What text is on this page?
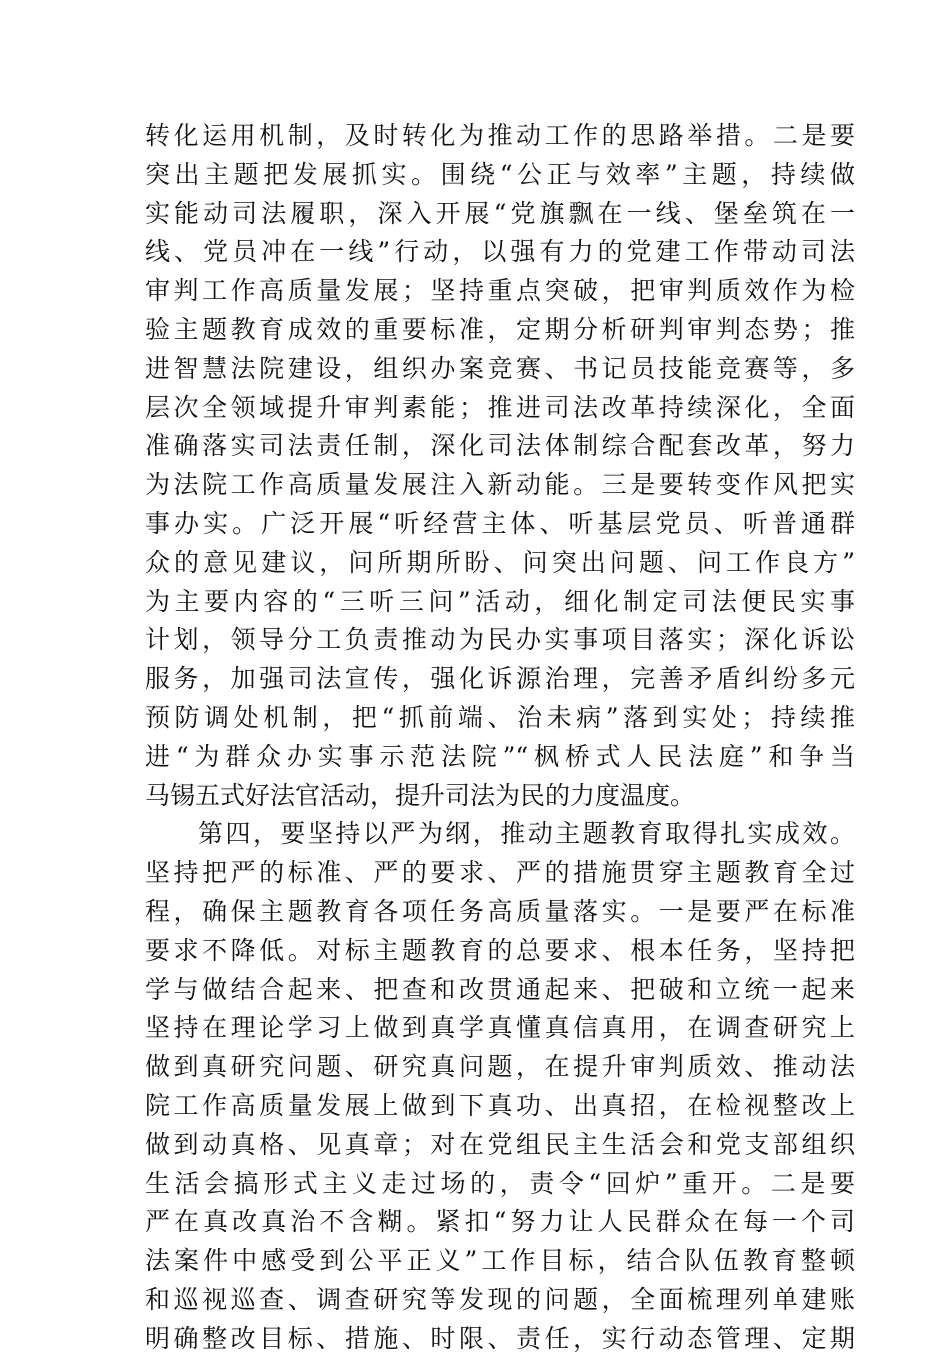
转化运用机制，及时转化为推动工作的思路举措。二是要
突出主题把发展抓实。围绕“公正与效率”主题，持续做
实能动司法履职，深入开展“党旗飘在一线、堡垒筑在一
线、党员冲在一线”行动，以强有力的党建工作带动司法
审判工作高质量发展；坚持重点突破，把审判质效作为检
验主题教育成效的重要标准，定期分析研判审判态势；推
进智慧法院建设，组织办案竞赛、书记员技能竞赛等，多
层次全领域提升审判素能；推进司法改革持续深化，全面
准确落实司法责任制，深化司法体制综合配套改革，努力
为法院工作高质量发展注入新动能。三是要转变作风把实
事办实。广泛开展“听经营主体、听基层党员、听普通群
众的意见建议，问所期所盼、问突出问题、问工作良方”
为主要内容的“三听三问”活动，细化制定司法便民实事
计划，领导分工负责推动为民办实事项目落实；深化诉讼
服务，加强司法宣传，强化诉源治理，完善矛盾纠纷多元
预防调处机制，把“抓前端、治未病”落到实处；持续推
进“为群众办实事示范法院”“枫桥式人民法庭”和争当
马锡五式好法官活动，提升司法为民的力度温度。
第四，要坚持以严为纲，推动主题教育取得扎实成效。
坚持把严的标准、严的要求、严的措施贯穿主题教育全过
程，确保主题教育各项任务高质量落实。一是要严在标准
要求不降低。对标主题教育的总要求、根本任务，坚持把
学与做结合起来、把查和改贯通起来、把破和立统一起来
坚持在理论学习上做到真学真懂真信真用，在调查研究上
做到真研究问题、研究真问题，在提升审判质效、推动法
院工作高质量发展上做到下真功、出真招，在检视整改上
做到动真格、见真章；对在党组民主生活会和党支部组织
生活会搞形式主义走过场的，责令“回炉”重开。二是要
严在真改真治不含糊。紧扣“努力让人民群众在每一个司
法案件中感受到公平正义”工作目标，结合队伍教育整顿
和巡视巡查、调查研究等发现的问题，全面梳理列单建账
明确整改目标、措施、时限、责任，实行动态管理、定期
